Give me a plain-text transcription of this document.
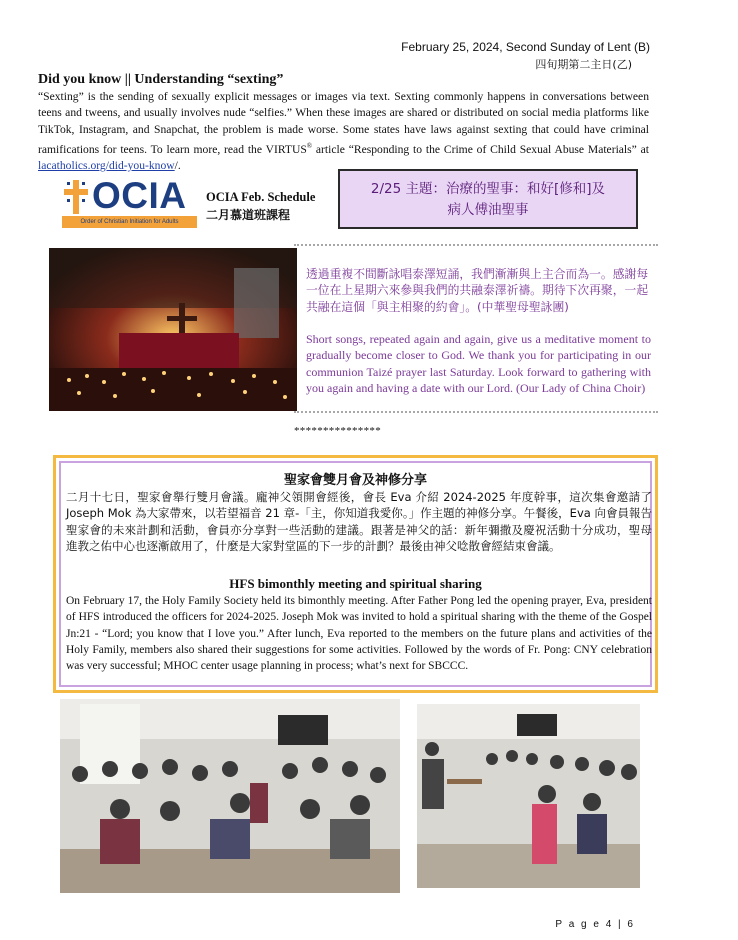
February 25, 2024, Second Sunday of Lent (B)
四旬期第二主日(乙)
Did you know || Understanding “sexting”
“Sexting” is the sending of sexually explicit messages or images via text. Sexting commonly happens in conversations between teens and tweens, and usually involves nude “selfies.” When these images are shared or distributed on social media platforms like TikTok, Instagram, and Snapchat, the problem is made worse. Some states have laws against sexting that could have criminal ramifications for teens. To learn more, read the VIRTUS® article “Responding to the Crime of Child Sexual Abuse Materials” at lacatholics.org/did-you-know/.
OCIA
Order of Christian Initiation for Adults
OCIA Feb. Schedule
二月慕道班課程
2/25 主題：治療的聖事：和好[修和]及
病人傅油聖事
透過重複不間斷詠唱泰澤短誦，我們漸漸與上主合而為一。感謝每一位在上星期六來參與我們的共融泰澤祈禱。期待下次再聚，一起共融在這個「與主相聚的約會」。(中華聖母聖詠團)
Short songs, repeated again and again, give us a meditative moment to gradually become closer to God. We thank you for participating in our communion Taizé prayer last Saturday. Look forward to gathering with you again and having a date with our Lord. (Our Lady of China Choir)
***************
聖家會雙月會及神修分享
二月十七日，聖家會舉行雙月會議。龐神父領開會經後，會長 Eva 介紹 2024-2025 年度幹事，這次集會邀請了 Joseph Mok 為大家帶來，以若望福音 21 章-「主，你知道我愛你。」作主題的神修分享。午餐後，Eva 向會員報告聖家會的未來計劃和活動，會員亦分享對一些活動的建議。跟著是神父的話：新年彌撒及慶祝活動十分成功，聖母進教之佑中心也逐漸啟用了，什麼是大家對堂區的下一步的計劃？最後由神父唸散會經結束會議。
HFS bimonthly meeting and spiritual sharing
On February 17, the Holy Family Society held its bimonthly meeting. After Father Pong led the opening prayer, Eva, president of HFS introduced the officers for 2024-2025. Joseph Mok was invited to hold a spiritual sharing with the theme of the Gospel Jn:21 - “Lord; you know that I love you.” After lunch, Eva reported to the members on the future plans and activities of the Holy Family, members also shared their suggestions for some activities. Followed by the words of Fr. Pong: CNY celebration was very successful; MHOC center usage planning in process; what’s next for SBCCC.
P a g e 4 | 6
